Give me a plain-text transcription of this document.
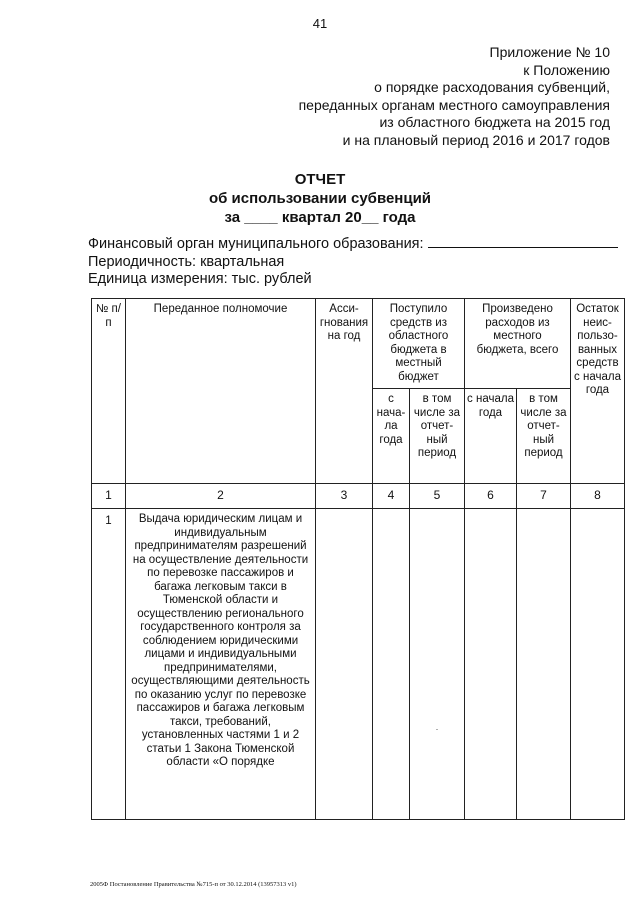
41
Приложение № 10
к Положению
о порядке расходования субвенций,
переданных органам местного самоуправления
из областного бюджета на 2015 год
и на плановый период 2016 и 2017 годов
ОТЧЕТ
об использовании субвенций
за ____ квартал 20__ года
Финансовый орган муниципального образования:
Периодичность: квартальная
Единица измерения: тыс. рублей
№ п/п	Переданное полномочие	Асси-гнования на год	Поступило средств из областного бюджета в местный бюджет		Произведено расходов из местного бюджета, всего		Остаток неис-пользо-ванных средств с начала года
			с нача-ла года	в том числе за отчет-ный период	с начала года	в том числе за отчет-ный период	
1	2	3	4	5	6	7	8
1	Выдача юридическим лицам и индивидуальным предпринимателям разрешений на осуществление деятельности по перевозке пассажиров и багажа легковым такси в Тюменской области и осуществлению регионального государственного контроля за соблюдением юридическими лицами и индивидуальными предпринимателями, осуществляющими деятельность по оказанию услуг по перевозке пассажиров и багажа легковым такси, требований, установленных частями 1 и 2 статьи 1 Закона Тюменской области «О порядке			·			
2005Ф Постановление Правительства №715-п от 30.12.2014 (13957313 v1)
